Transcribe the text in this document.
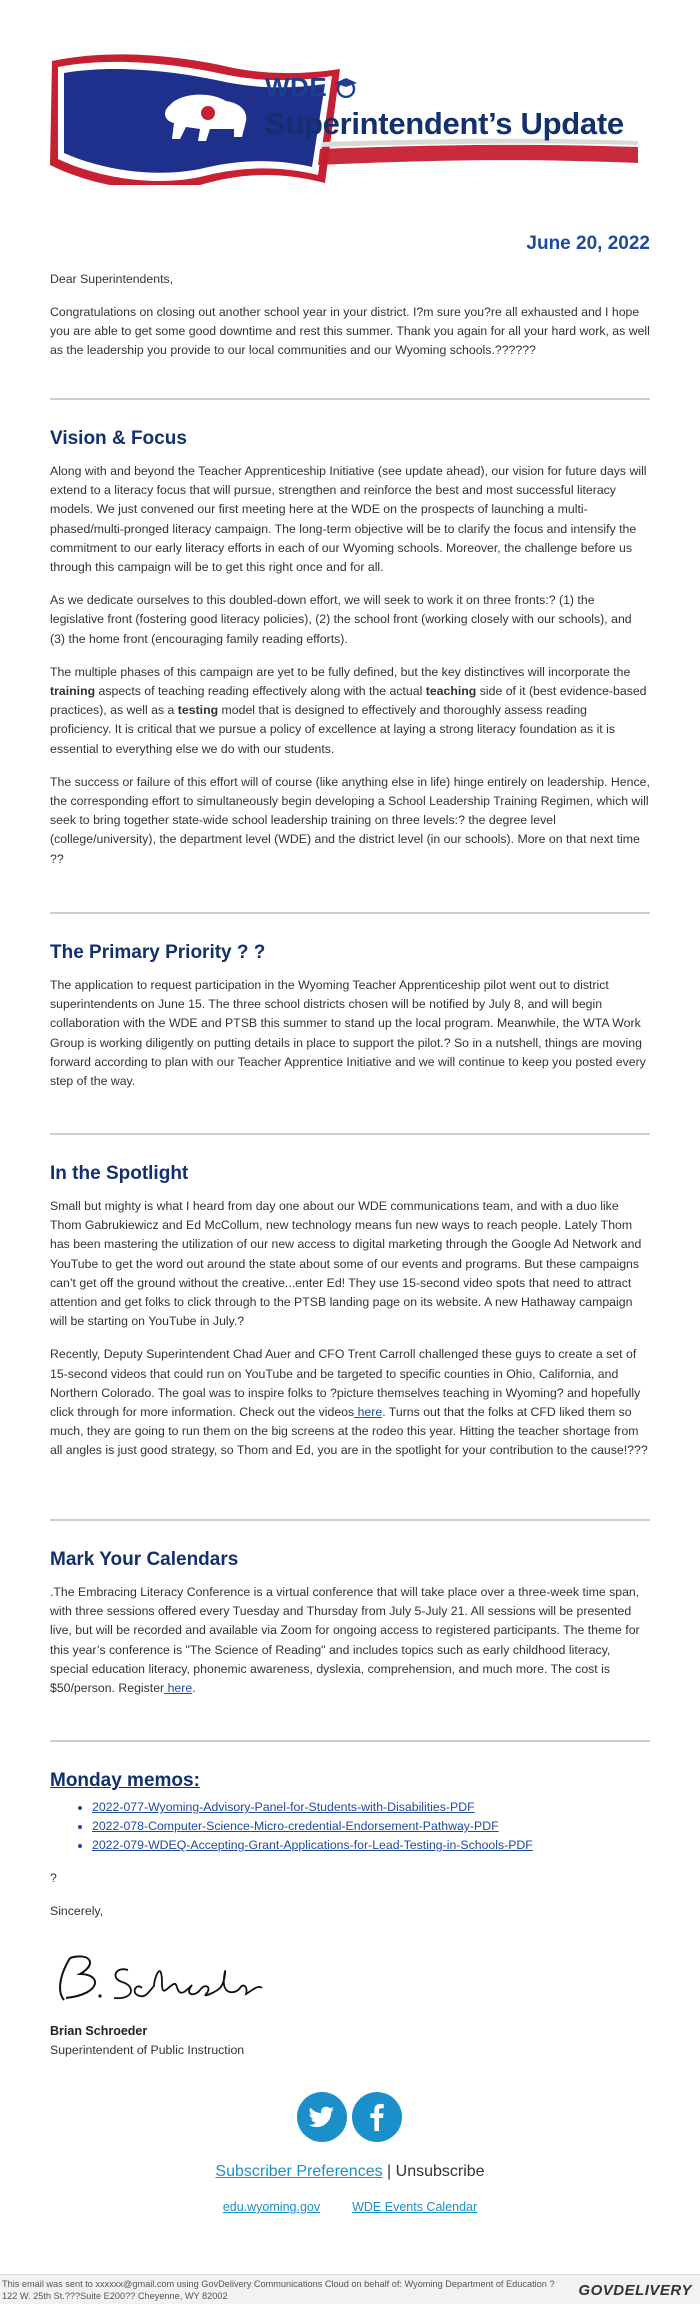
WDE
Superintendent’s Update
June 20, 2022

Dear Superintendents,

Congratulations on closing out another school year in your district. I?m sure you?re all exhausted and I hope you are able to get some good downtime and rest this summer. Thank you again for all your hard work, as well as the leadership you provide to our local communities and our Wyoming schools.??????

Vision & Focus

Along with and beyond the Teacher Apprenticeship Initiative (see update ahead), our vision for future days will extend to a literacy focus that will pursue, strengthen and reinforce the best and most successful literacy models. We just convened our first meeting here at the WDE on the prospects of launching a multi-phased/multi-pronged literacy campaign. The long-term objective will be to clarify the focus and intensify the commitment to our early literacy efforts in each of our Wyoming schools. Moreover, the challenge before us through this campaign will be to get this right once and for all.

As we dedicate ourselves to this doubled-down effort, we will seek to work it on three fronts:? (1) the legislative front (fostering good literacy policies), (2) the school front (working closely with our schools), and (3) the home front (encouraging family reading efforts).

The multiple phases of this campaign are yet to be fully defined, but the key distinctives will incorporate the training aspects of teaching reading effectively along with the actual teaching side of it (best evidence-based practices), as well as a testing model that is designed to effectively and thoroughly assess reading proficiency. It is critical that we pursue a policy of excellence at laying a strong literacy foundation as it is essential to everything else we do with our students.

The success or failure of this effort will of course (like anything else in life) hinge entirely on leadership. Hence, the corresponding effort to simultaneously begin developing a School Leadership Training Regimen, which will seek to bring together state-wide school leadership training on three levels:? the degree level (college/university), the department level (WDE) and the district level (in our schools). More on that next time ??

The Primary Priority ? ?

The application to request participation in the Wyoming Teacher Apprenticeship pilot went out to district superintendents on June 15. The three school districts chosen will be notified by July 8, and will begin collaboration with the WDE and PTSB this summer to stand up the local program. Meanwhile, the WTA Work Group is working diligently on putting details in place to support the pilot.? So in a nutshell, things are moving forward according to plan with our Teacher Apprentice Initiative and we will continue to keep you posted every step of the way.

In the Spotlight

Small but mighty is what I heard from day one about our WDE communications team, and with a duo like Thom Gabrukiewicz and Ed McCollum, new technology means fun new ways to reach people. Lately Thom has been mastering the utilization of our new access to digital marketing through the Google Ad Network and YouTube to get the word out around the state about some of our events and programs. But these campaigns can’t get off the ground without the creative...enter Ed! They use 15-second video spots that need to attract attention and get folks to click through to the PTSB landing page on its website. A new Hathaway campaign will be starting on YouTube in July.?

Recently, Deputy Superintendent Chad Auer and CFO Trent Carroll challenged these guys to create a set of 15-second videos that could run on YouTube and be targeted to specific counties in Ohio, California, and Northern Colorado. The goal was to inspire folks to ?picture themselves teaching in Wyoming? and hopefully click through for more information. Check out the videos here. Turns out that the folks at CFD liked them so much, they are going to run them on the big screens at the rodeo this year. Hitting the teacher shortage from all angles is just good strategy, so Thom and Ed, you are in the spotlight for your contribution to the cause!???

Mark Your Calendars

.The Embracing Literacy Conference is a virtual conference that will take place over a three-week time span, with three sessions offered every Tuesday and Thursday from July 5-July 21. All sessions will be presented live, but will be recorded and available via Zoom for ongoing access to registered participants. The theme for this year’s conference is "The Science of Reading" and includes topics such as early childhood literacy, special education literacy, phonemic awareness, dyslexia, comprehension, and much more. The cost is $50/person. Register here.

Monday memos:
• 2022-077-Wyoming-Advisory-Panel-for-Students-with-Disabilities-PDF
• 2022-078-Computer-Science-Micro-credential-Endorsement-Pathway-PDF
• 2022-079-WDEQ-Accepting-Grant-Applications-for-Lead-Testing-in-Schools-PDF

?

Sincerely,

Brian Schroeder
Superintendent of Public Instruction
Subscriber Preferences | Unsubscribe
edu.wyoming.gov	WDE Events Calendar
This email was sent to xxxxxx@gmail.com using GovDelivery Communications Cloud on behalf of: Wyoming Department of Education ? 122 W. 25th St.???Suite E200?? Cheyenne, WY 82002	GOVDELIVERY
